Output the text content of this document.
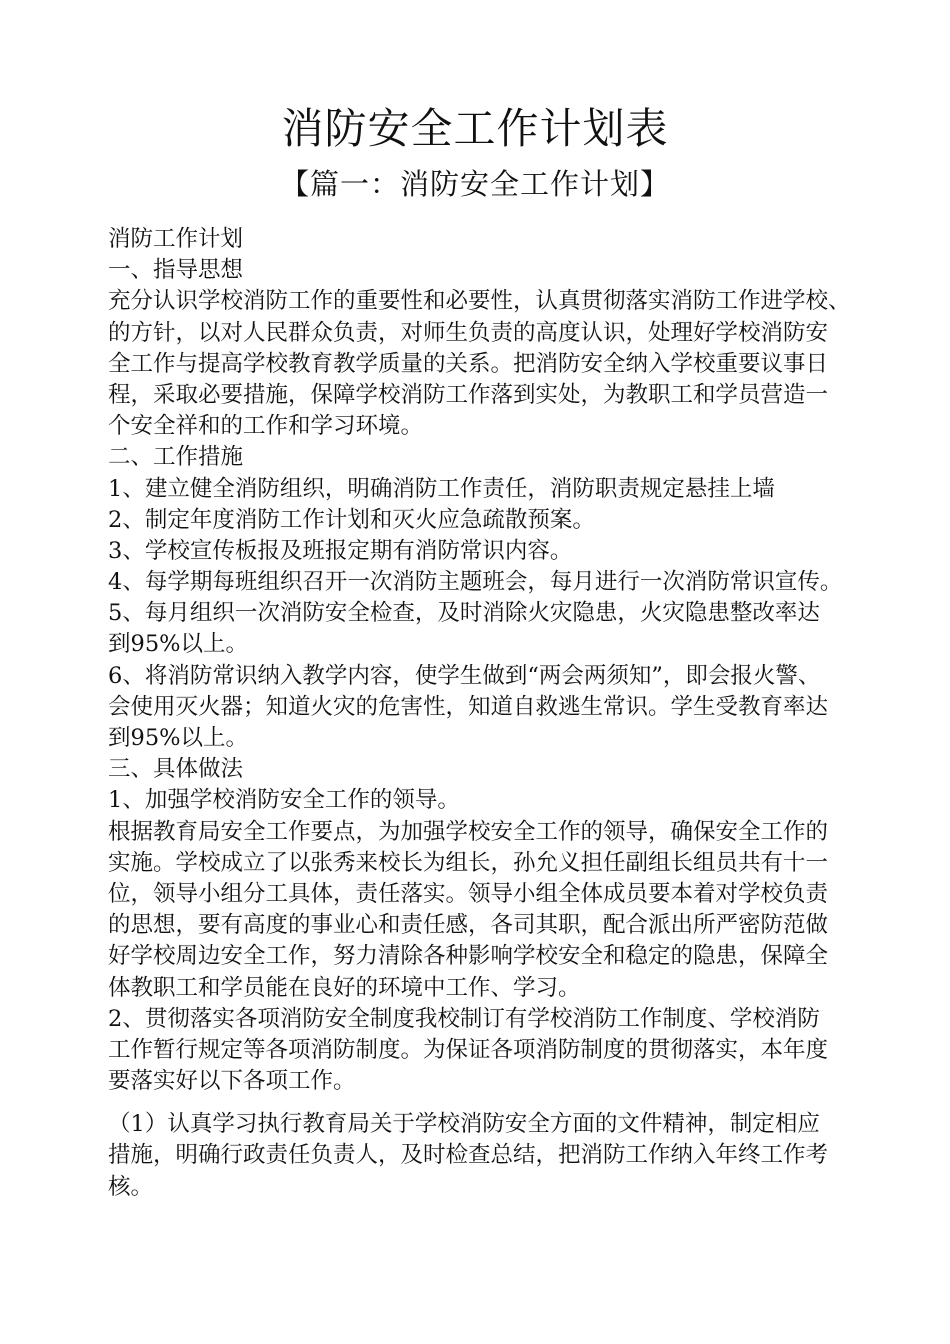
消防安全工作计划表
【篇一：消防安全工作计划】
消防工作计划
一、指导思想
充分认识学校消防工作的重要性和必要性，认真贯彻落实消防工作进学校、
的方针，以对人民群众负责，对师生负责的高度认识，处理好学校消防安
全工作与提高学校教育教学质量的关系。把消防安全纳入学校重要议事日
程，采取必要措施，保障学校消防工作落到实处，为教职工和学员营造一
个安全祥和的工作和学习环境。
二、工作措施
1、建立健全消防组织，明确消防工作责任，消防职责规定悬挂上墙
2、制定年度消防工作计划和灭火应急疏散预案。
3、学校宣传板报及班报定期有消防常识内容。
4、每学期每班组织召开一次消防主题班会，每月进行一次消防常识宣传。
5、每月组织一次消防安全检查，及时消除火灾隐患，火灾隐患整改率达
到95%以上。
6、将消防常识纳入教学内容，使学生做到“两会两须知”，即会报火警、
会使用灭火器；知道火灾的危害性，知道自救逃生常识。学生受教育率达
到95%以上。
三、具体做法
1、加强学校消防安全工作的领导。
根据教育局安全工作要点，为加强学校安全工作的领导，确保安全工作的
实施。学校成立了以张秀来校长为组长，孙允义担任副组长组员共有十一
位，领导小组分工具体，责任落实。领导小组全体成员要本着对学校负责
的思想，要有高度的事业心和责任感，各司其职，配合派出所严密防范做
好学校周边安全工作，努力清除各种影响学校安全和稳定的隐患，保障全
体教职工和学员能在良好的环境中工作、学习。
2、贯彻落实各项消防安全制度我校制订有学校消防工作制度、学校消防
工作暂行规定等各项消防制度。为保证各项消防制度的贯彻落实，本年度
要落实好以下各项工作。
（1）认真学习执行教育局关于学校消防安全方面的文件精神，制定相应
措施，明确行政责任负责人，及时检查总结，把消防工作纳入年终工作考
核。
